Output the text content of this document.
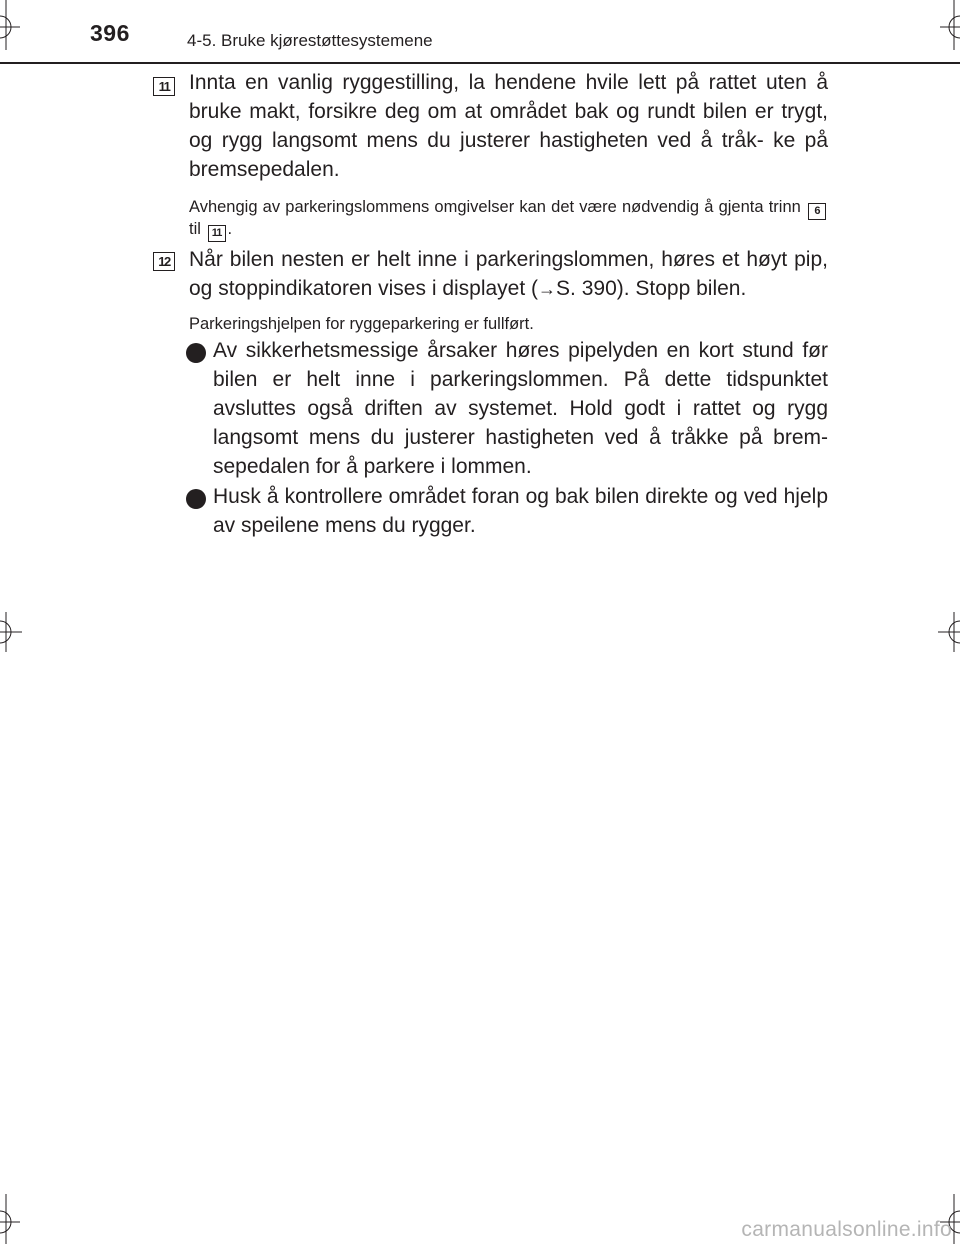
396	4-5. Bruke kjørestøttesystemene
11 Innta en vanlig ryggestilling, la hendene hvile lett på rattet uten å bruke makt, forsikre deg om at området bak og rundt bilen er trygt, og rygg langsomt mens du justerer hastigheten ved å tråk- ke på bremsepedalen.
Avhengig av parkeringslommens omgivelser kan det være nødvendig å gjenta trinn 6 til 11 .
12 Når bilen nesten er helt inne i parkeringslommen, høres et høyt pip, og stoppindikatoren vises i displayet (→S. 390). Stopp bilen.
Parkeringshjelpen for ryggeparkering er fullført.
Av sikkerhetsmessige årsaker høres pipelyden en kort stund før bilen er helt inne i parkeringslommen. På dette tidspunktet avsluttes også driften av systemet. Hold godt i rattet og rygg langsomt mens du justerer hastigheten ved å tråkke på brem- sepedalen for å parkere i lommen.
Husk å kontrollere området foran og bak bilen direkte og ved hjelp av speilene mens du rygger.
carmanualsonline.info
